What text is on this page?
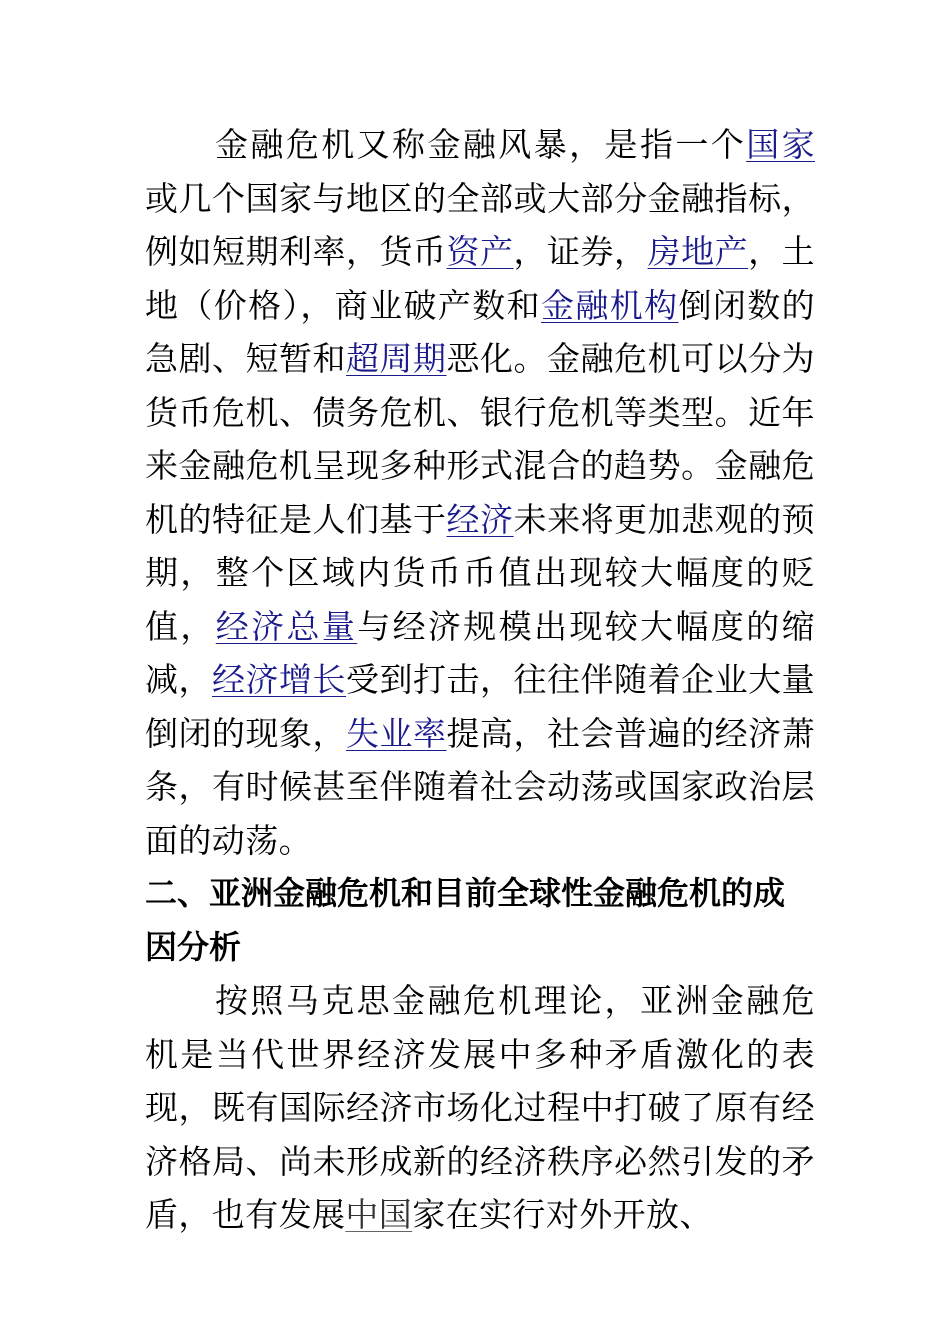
金融危机又称金融风暴，是指一个国家或几个国家与地区的全部或大部分金融指标，例如短期利率，货币资产，证券，房地产，土地（价格），商业破产数和金融机构倒闭数的急剧、短暂和超周期恶化。金融危机可以分为货币危机、债务危机、银行危机等类型。近年来金融危机呈现多种形式混合的趋势。金融危机的特征是人们基于经济未来将更加悲观的预期，整个区域内货币币值出现较大幅度的贬值，经济总量与经济规模出现较大幅度的缩减，经济增长受到打击，往往伴随着企业大量倒闭的现象，失业率提高，社会普遍的经济萧条，有时候甚至伴随着社会动荡或国家政治层面的动荡。

二、亚洲金融危机和目前全球性金融危机的成因分析

按照马克思金融危机理论，亚洲金融危机是当代世界经济发展中多种矛盾激化的表现，既有国际经济市场化过程中打破了原有经济格局、尚未形成新的经济秩序必然引发的矛盾，也有发展中国家在实行对外开放、
